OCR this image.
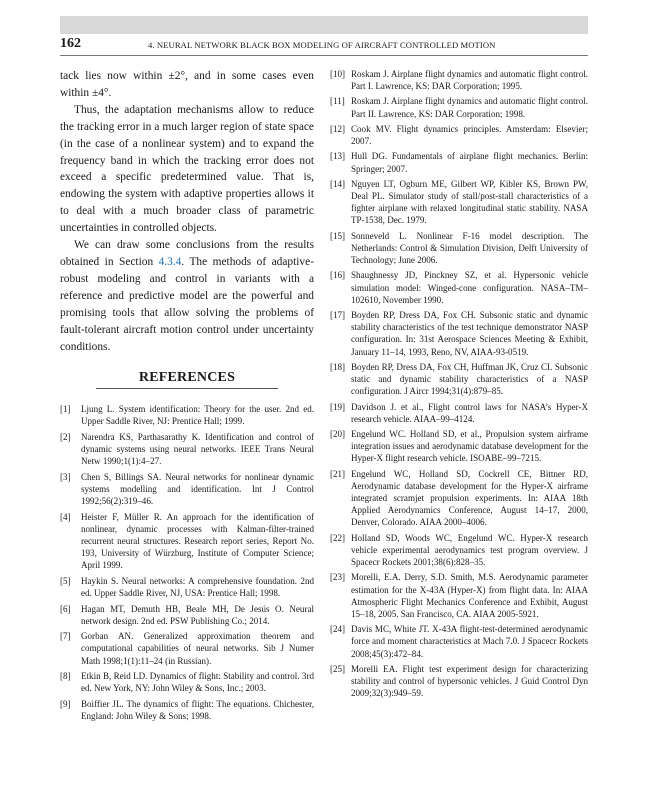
162	4. NEURAL NETWORK BLACK BOX MODELING OF AIRCRAFT CONTROLLED MOTION

tack lies now within ±2°, and in some cases even within ±4°.

Thus, the adaptation mechanisms allow to reduce the tracking error in a much larger region of state space (in the case of a nonlinear system) and to expand the frequency band in which the tracking error does not exceed a specific predetermined value. That is, endowing the system with adaptive properties allows it to deal with a much broader class of parametric uncertainties in controlled objects.

We can draw some conclusions from the results obtained in Section 4.3.4. The methods of adaptive-robust modeling and control in variants with a reference and predictive model are the powerful and promising tools that allow solving the problems of fault-tolerant aircraft motion control under uncertainty conditions.

REFERENCES
[1] Ljung L. System identification: Theory for the user. 2nd ed. Upper Saddle River, NJ: Prentice Hall; 1999.
[2] Narendra KS, Parthasarathy K. Identification and control of dynamic systems using neural networks. IEEE Trans Neural Netw 1990;1(1):4–27.
[3] Chen S, Billings SA. Neural networks for nonlinear dynamic systems modelling and identification. Int J Control 1992;56(2):319–46.
[4] Heister F, Müller R. An approach for the identification of nonlinear, dynamic processes with Kalman-filter-trained recurrent neural structures. Research report series, Report No. 193, University of Würzburg, Institute of Computer Science; April 1999.
[5] Haykin S. Neural networks: A comprehensive foundation. 2nd ed. Upper Saddle River, NJ, USA: Prentice Hall; 1998.
[6] Hagan MT, Demuth HB, Beale MH, De Jesús O. Neural network design. 2nd ed. PSW Publishing Co.; 2014.
[7] Gorban AN. Generalized approximation theorem and computational capabilities of neural networks. Sib J Numer Math 1998;1(1):11–24 (in Russian).
[8] Etkin B, Reid LD. Dynamics of flight: Stability and control. 3rd ed. New York, NY: John Wiley & Sons, Inc.; 2003.
[9] Boiffier JL. The dynamics of flight: The equations. Chichester, England: John Wiley & Sons; 1998.
[10] Roskam J. Airplane flight dynamics and automatic flight control. Part I. Lawrence, KS: DAR Corporation; 1995.
[11] Roskam J. Airplane flight dynamics and automatic flight control. Part II. Lawrence, KS: DAR Corporation; 1998.
[12] Cook MV. Flight dynamics principles. Amsterdam: Elsevier; 2007.
[13] Hull DG. Fundamentals of airplane flight mechanics. Berlin: Springer; 2007.
[14] Nguyen LT, Ogburn ME, Gilbert WP, Kibler KS, Brown PW, Deal PL. Simulator study of stall/post-stall characteristics of a fighter airplane with relaxed longitudinal static stability. NASA TP-1538, Dec. 1979.
[15] Sonneveld L. Nonlinear F-16 model description. The Netherlands: Control & Simulation Division, Delft University of Technology; June 2006.
[16] Shaughnessy JD, Pinckney SZ, et al. Hypersonic vehicle simulation model: Winged-cone configuration. NASA–TM–102610, November 1990.
[17] Boyden RP, Dress DA, Fox CH. Subsonic static and dynamic stability characteristics of the test technique demonstrator NASP configuration. In: 31st Aerospace Sciences Meeting & Exhibit, January 11–14, 1993, Reno, NV, AIAA-93-0519.
[18] Boyden RP, Dress DA, Fox CH, Huffman JK, Cruz CI. Subsonic static and dynamic stability characteristics of a NASP configuration. J Aircr 1994;31(4):879–85.
[19] Davidson J. et al., Flight control laws for NASA’s Hyper-X research vehicle. AIAA–99–4124.
[20] Engelund WC. Holland SD, et al., Propulsion system airframe integration issues and aerodynamic database development for the Hyper-X flight research vehicle. ISOABE–99–7215.
[21] Engelund WC, Holland SD, Cockrell CE, Bittner RD, Aerodynamic database development for the Hyper-X airframe integrated scramjet propulsion experiments. In: AIAA 18th Applied Aerodynamics Conference, August 14–17, 2000, Denver, Colorado. AIAA 2000–4006.
[22] Holland SD, Woods WC, Engelund WC. Hyper-X research vehicle experimental aerodynamics test program overview. J Spacecr Rockets 2001;38(6):828–35.
[23] Morelli, E.A. Derry, S.D. Smith, M.S. Aerodynamic parameter estimation for the X-43A (Hyper-X) from flight data. In: AIAA Atmospheric Flight Mechanics Conference and Exhibit, August 15–18, 2005. San Francisco, CA. AIAA 2005-5921.
[24] Davis MC, White JT. X-43A flight-test-determined aerodynamic force and moment characteristics at Mach 7.0. J Spacecr Rockets 2008;45(3):472–84.
[25] Morelli EA. Flight test experiment design for characterizing stability and control of hypersonic vehicles. J Guid Control Dyn 2009;32(3):949–59.
